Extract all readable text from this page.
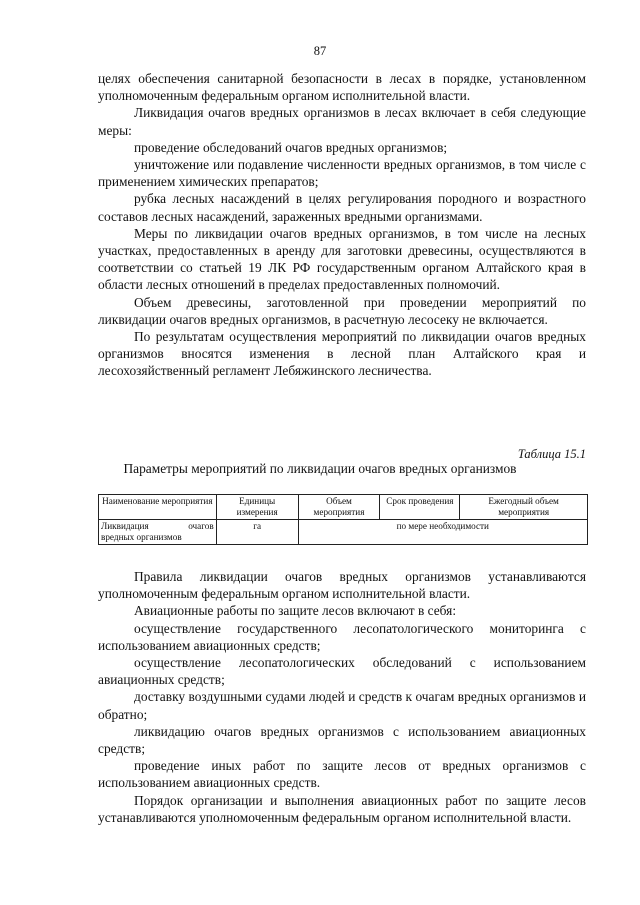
87

целях обеспечения санитарной безопасности в лесах в порядке, установленном уполномоченным федеральным органом исполнительной власти.

Ликвидация очагов вредных организмов в лесах включает в себя следующие меры:

проведение обследований очагов вредных организмов;

уничтожение или подавление численности вредных организмов, в том числе с применением химических препаратов;

рубка лесных насаждений в целях регулирования породного и возрастного составов лесных насаждений, зараженных вредными организмами.

Меры по ликвидации очагов вредных организмов, в том числе на лесных участках, предоставленных в аренду для заготовки древесины, осуществляются в соответствии со статьей 19 ЛК РФ государственным органом Алтайского края в области лесных отношений в пределах предоставленных полномочий.

Объем древесины, заготовленной при проведении мероприятий по ликвидации очагов вредных организмов, в расчетную лесосеку не включается.

По результатам осуществления мероприятий по ликвидации очагов вредных организмов вносятся изменения в лесной план Алтайского края и лесохозяйственный регламент Лебяжинского лесничества.

Таблица 15.1
Параметры мероприятий по ликвидации очагов вредных организмов
Наименование мероприятия	Единицы измерения	Объем мероприятия	Срок проведения	Ежегодный объем мероприятия

Ликвидация очагов
вредных организмов	га	по мере необходимости		

Правила ликвидации очагов вредных организмов устанавливаются уполномоченным федеральным органом исполнительной власти.

Авиационные работы по защите лесов включают в себя:

осуществление государственного лесопатологического мониторинга с использованием авиационных средств;

осуществление лесопатологических обследований с использованием авиационных средств;

доставку воздушными судами людей и средств к очагам вредных организмов и обратно;

ликвидацию очагов вредных организмов с использованием авиационных средств;

проведение иных работ по защите лесов от вредных организмов с использованием авиационных средств.

Порядок организации и выполнения авиационных работ по защите лесов устанавливаются уполномоченным федеральным органом исполнительной власти.
